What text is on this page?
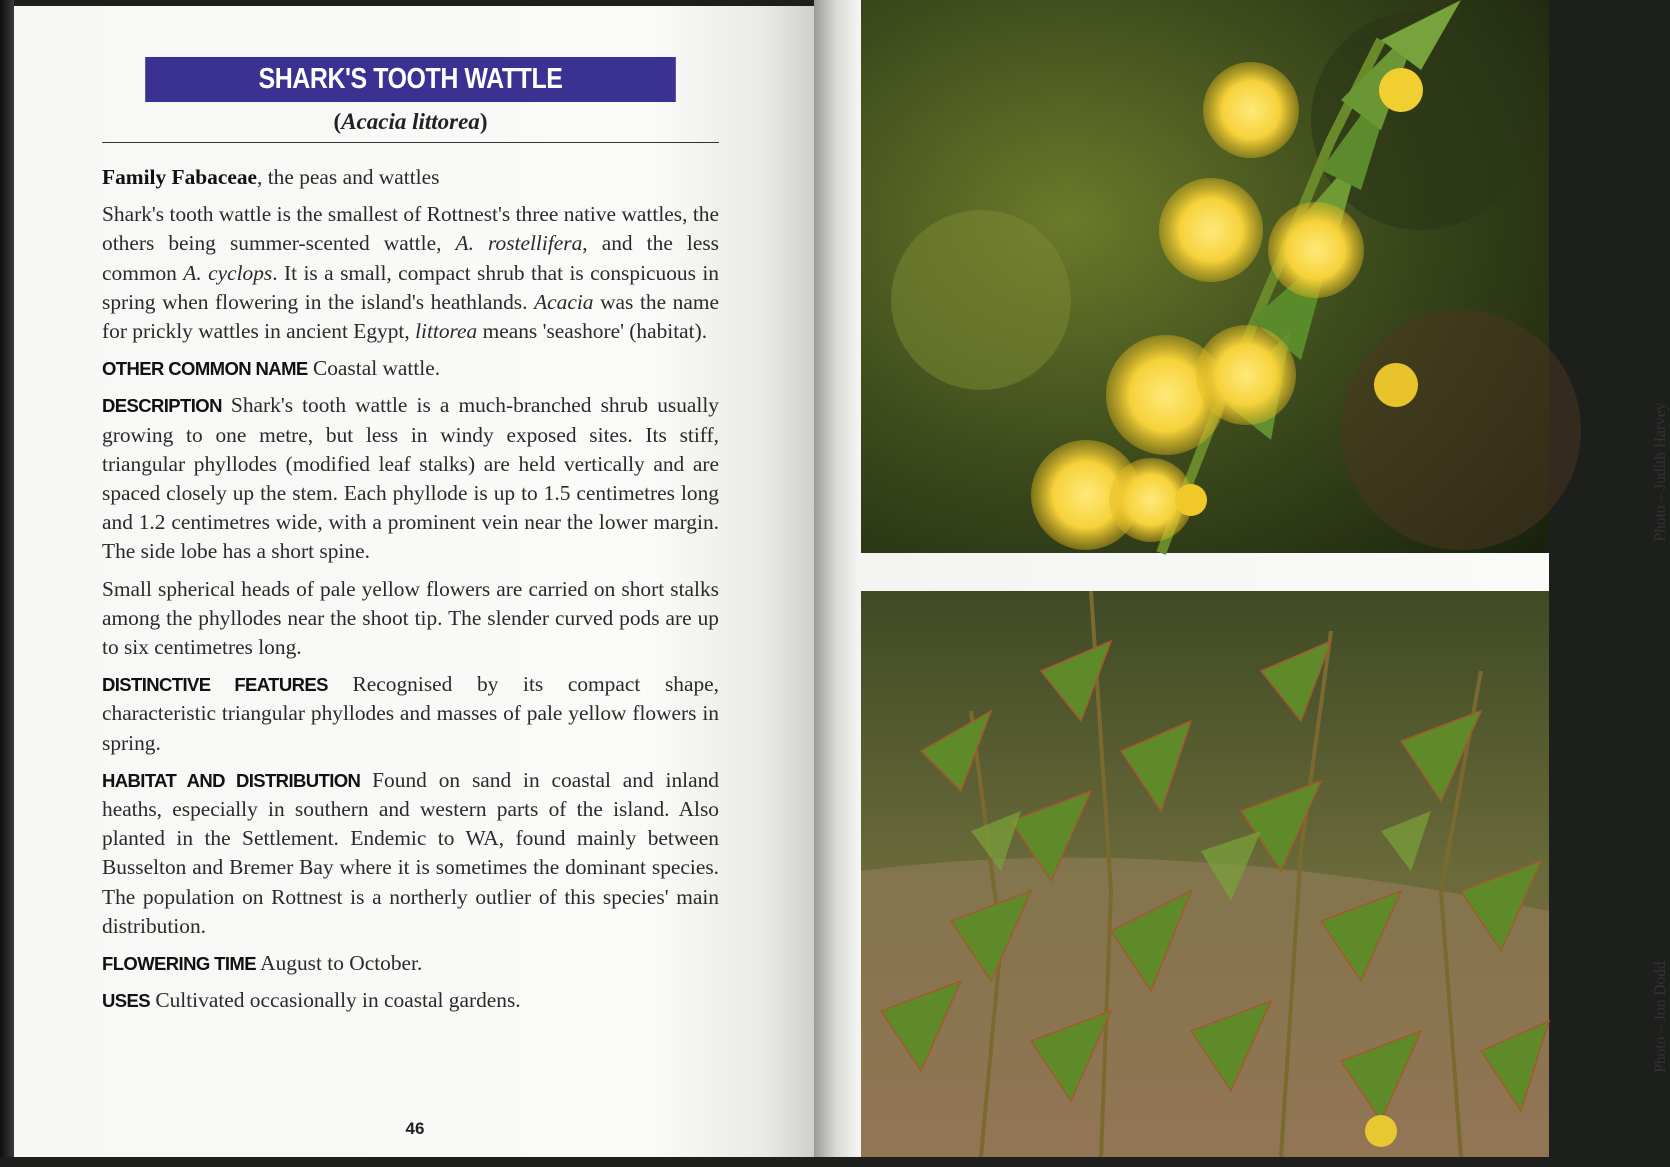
SHARK'S TOOTH WATTLE
(Acacia littorea)

Family Fabaceae, the peas and wattles

Shark's tooth wattle is the smallest of Rottnest's three native wattles, the others being summer-scented wattle, A. rostellifera, and the less common A. cyclops. It is a small, compact shrub that is conspicuous in spring when flowering in the island's heathlands. Acacia was the name for prickly wattles in ancient Egypt, littorea means 'seashore' (habitat).

OTHER COMMON NAME Coastal wattle.

DESCRIPTION Shark's tooth wattle is a much-branched shrub usually growing to one metre, but less in windy exposed sites. Its stiff, triangular phyllodes (modified leaf stalks) are held vertically and are spaced closely up the stem. Each phyllode is up to 1.5 centimetres long and 1.2 centimetres wide, with a prominent vein near the lower margin. The side lobe has a short spine.

Small spherical heads of pale yellow flowers are carried on short stalks among the phyllodes near the shoot tip. The slender curved pods are up to six centimetres long.

DISTINCTIVE FEATURES Recognised by its compact shape, characteristic triangular phyllodes and masses of pale yellow flowers in spring.

HABITAT AND DISTRIBUTION Found on sand in coastal and inland heaths, especially in southern and western parts of the island. Also planted in the Settlement. Endemic to WA, found mainly between Busselton and Bremer Bay where it is sometimes the dominant species. The population on Rottnest is a northerly outlier of this species' main distribution.

FLOWERING TIME August to October.

USES Cultivated occasionally in coastal gardens.

46
Photo – Judith Harvey
Photo – Jon Dodd
